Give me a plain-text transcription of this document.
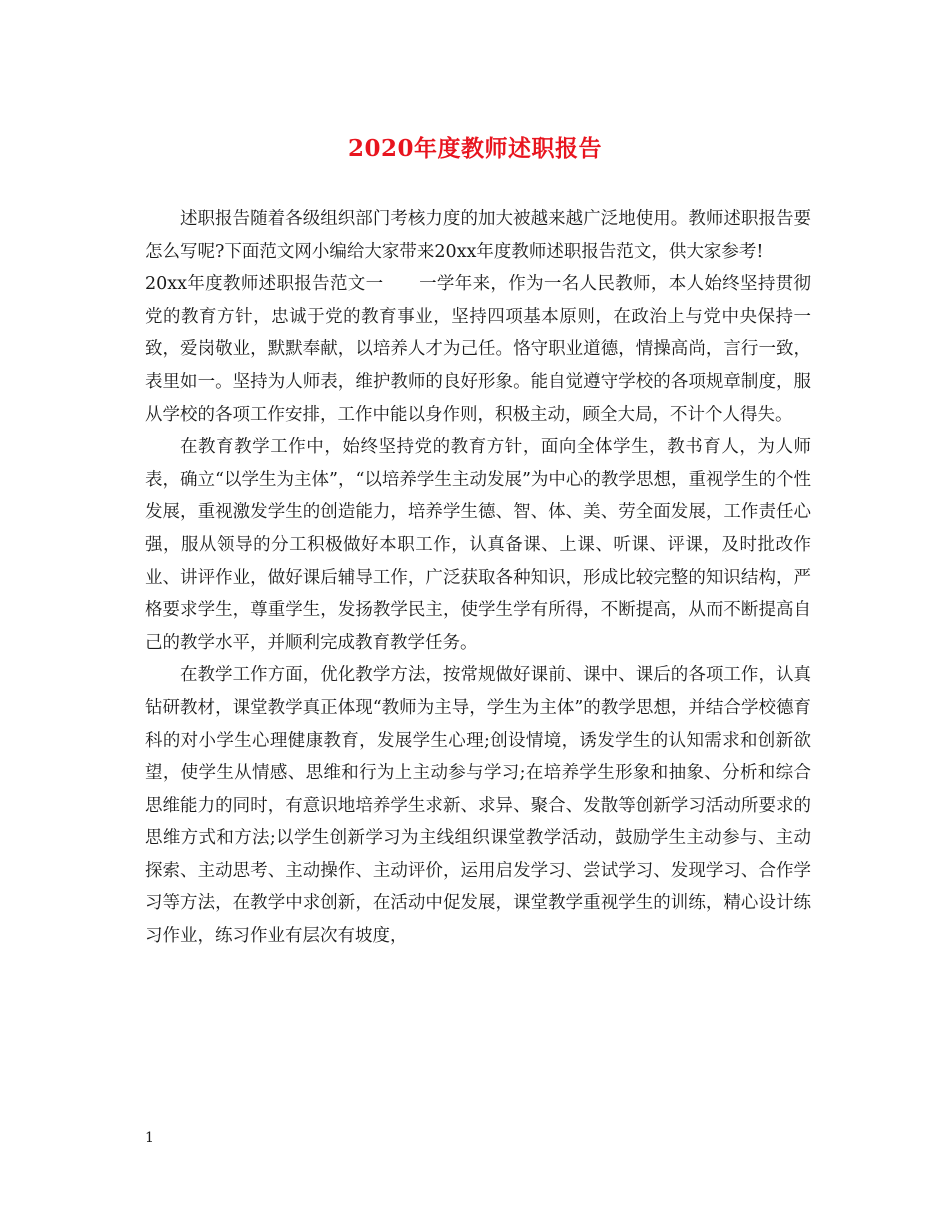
2020年度教师述职报告

述职报告随着各级组织部门考核力度的加大被越来越广泛地使用。教师述职报告要怎么写呢?下面范文网小编给大家带来20xx年度教师述职报告范文，供大家参考!

20xx年度教师述职报告范文一　　一学年来，作为一名人民教师，本人始终坚持贯彻党的教育方针，忠诚于党的教育事业，坚持四项基本原则，在政治上与党中央保持一致，爱岗敬业，默默奉献，以培养人才为己任。恪守职业道德，情操高尚，言行一致，表里如一。坚持为人师表，维护教师的良好形象。能自觉遵守学校的各项规章制度，服从学校的各项工作安排，工作中能以身作则，积极主动，顾全大局，不计个人得失。

在教育教学工作中，始终坚持党的教育方针，面向全体学生，教书育人，为人师表，确立“以学生为主体”，“以培养学生主动发展”为中心的教学思想，重视学生的个性发展，重视激发学生的创造能力，培养学生德、智、体、美、劳全面发展，工作责任心强，服从领导的分工积极做好本职工作，认真备课、上课、听课、评课，及时批改作业、讲评作业，做好课后辅导工作，广泛获取各种知识，形成比较完整的知识结构，严格要求学生，尊重学生，发扬教学民主，使学生学有所得，不断提高，从而不断提高自己的教学水平，并顺利完成教育教学任务。

在教学工作方面，优化教学方法，按常规做好课前、课中、课后的各项工作，认真钻研教材，课堂教学真正体现“教师为主导，学生为主体”的教学思想，并结合学校德育科的对小学生心理健康教育，发展学生心理;创设情境，诱发学生的认知需求和创新欲望，使学生从情感、思维和行为上主动参与学习;在培养学生形象和抽象、分析和综合思维能力的同时，有意识地培养学生求新、求异、聚合、发散等创新学习活动所要求的思维方式和方法;以学生创新学习为主线组织课堂教学活动，鼓励学生主动参与、主动探索、主动思考、主动操作、主动评价，运用启发学习、尝试学习、发现学习、合作学习等方法，在教学中求创新，在活动中促发展，课堂教学重视学生的训练，精心设计练习作业，练习作业有层次有坡度，

1
